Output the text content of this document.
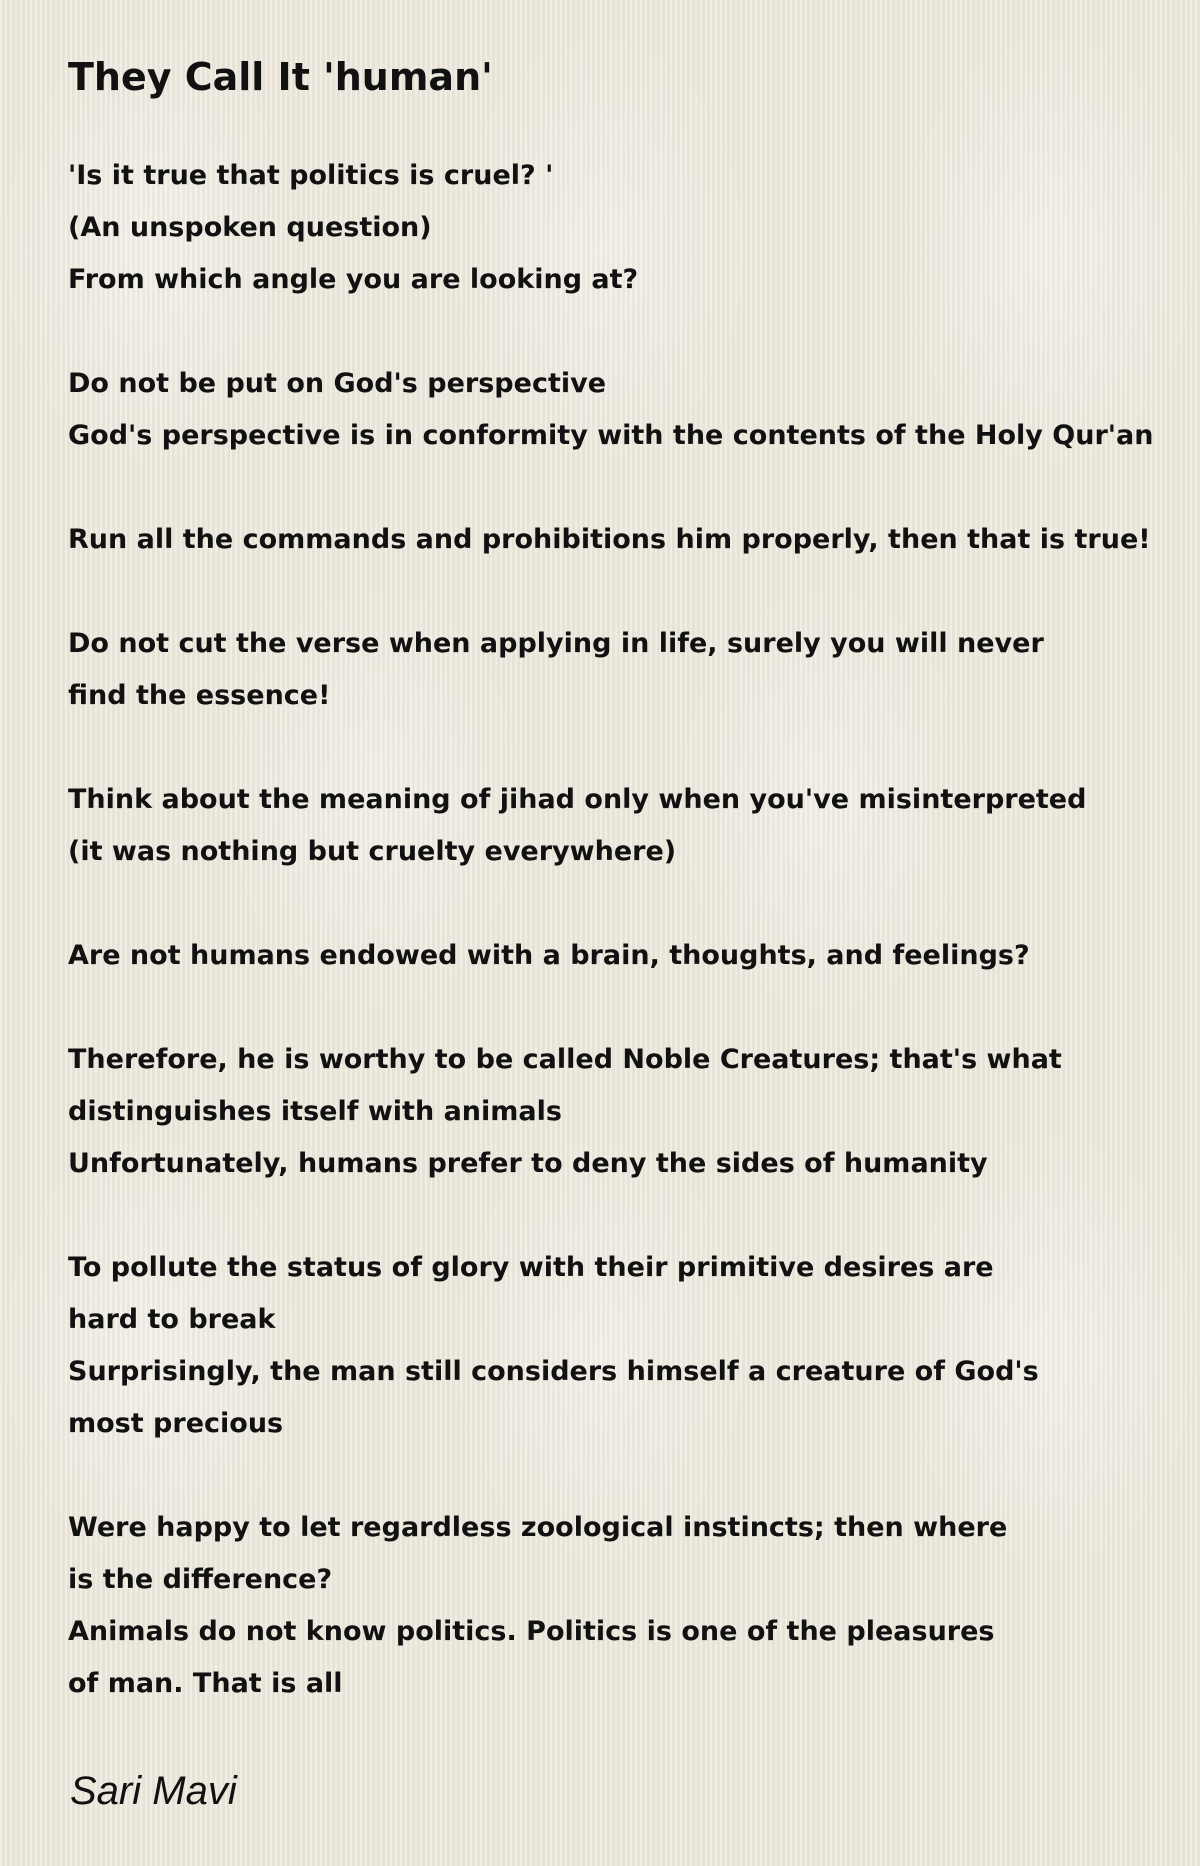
They Call It 'human'
'Is it true that politics is cruel? '
(An unspoken question)
From which angle you are looking at?
Do not be put on God's perspective
God's perspective is in conformity with the contents of the Holy Qur'an
Run all the commands and prohibitions him properly, then that is true!
Do not cut the verse when applying in life, surely you will never
find the essence!
Think about the meaning of jihad only when you've misinterpreted
(it was nothing but cruelty everywhere)
Are not humans endowed with a brain, thoughts, and feelings?
Therefore, he is worthy to be called Noble Creatures; that's what
distinguishes itself with animals
Unfortunately, humans prefer to deny the sides of humanity
To pollute the status of glory with their primitive desires are
hard to break
Surprisingly, the man still considers himself a creature of God's
most precious
Were happy to let regardless zoological instincts; then where
is the difference?
Animals do not know politics. Politics is one of the pleasures
of man. That is all
Sari Mavi
